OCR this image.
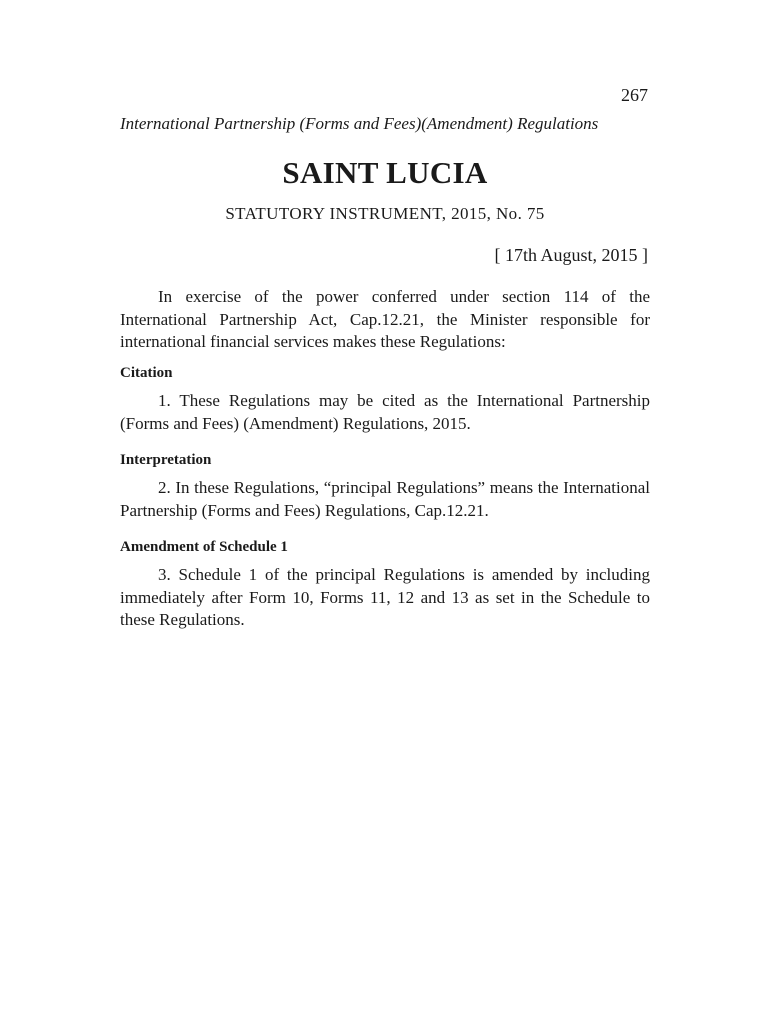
267
International Partnership (Forms and Fees)(Amendment) Regulations
SAINT LUCIA
STATUTORY INSTRUMENT, 2015, No. 75
[ 17th August, 2015 ]
In exercise of the power conferred under section 114 of the International Partnership Act, Cap.12.21, the Minister responsible for international financial services makes these Regulations:
Citation
1. These Regulations may be cited as the International Partnership (Forms and Fees) (Amendment) Regulations, 2015.
Interpretation
2. In these Regulations, “principal Regulations” means the International Partnership (Forms and Fees) Regulations, Cap.12.21.
Amendment of Schedule 1
3. Schedule 1 of the principal Regulations is amended by including immediately after Form 10, Forms 11, 12 and 13 as set in the Schedule to these Regulations.
